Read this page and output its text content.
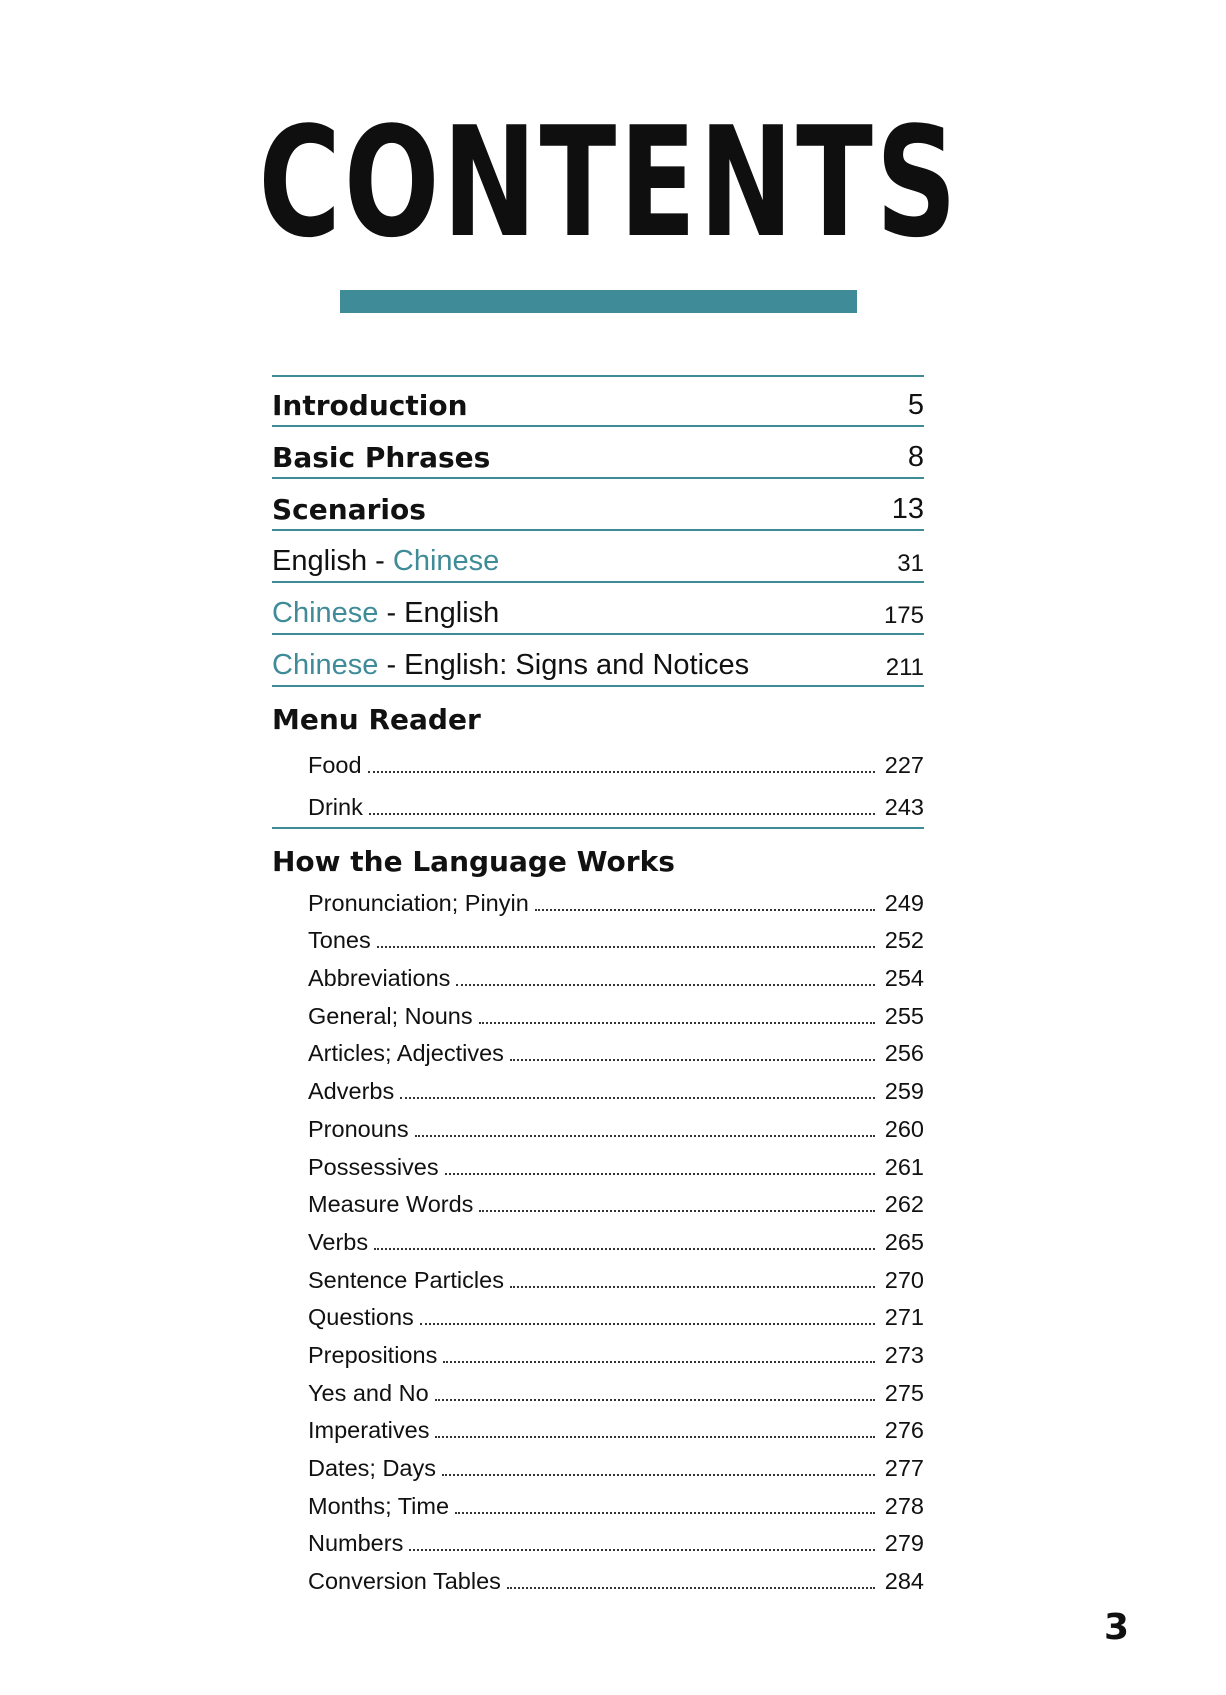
CONTENTS
Introduction	5
Basic Phrases	8
Scenarios	13
English - Chinese	31
Chinese - English	175
Chinese - English: Signs and Notices	211
Menu Reader
Food	227
Drink	243
How the Language Works
Pronunciation; Pinyin	249
Tones	252
Abbreviations	254
General; Nouns	255
Articles; Adjectives	256
Adverbs	259
Pronouns	260
Possessives	261
Measure Words	262
Verbs	265
Sentence Particles	270
Questions	271
Prepositions	273
Yes and No	275
Imperatives	276
Dates; Days	277
Months; Time	278
Numbers	279
Conversion Tables	284
3
